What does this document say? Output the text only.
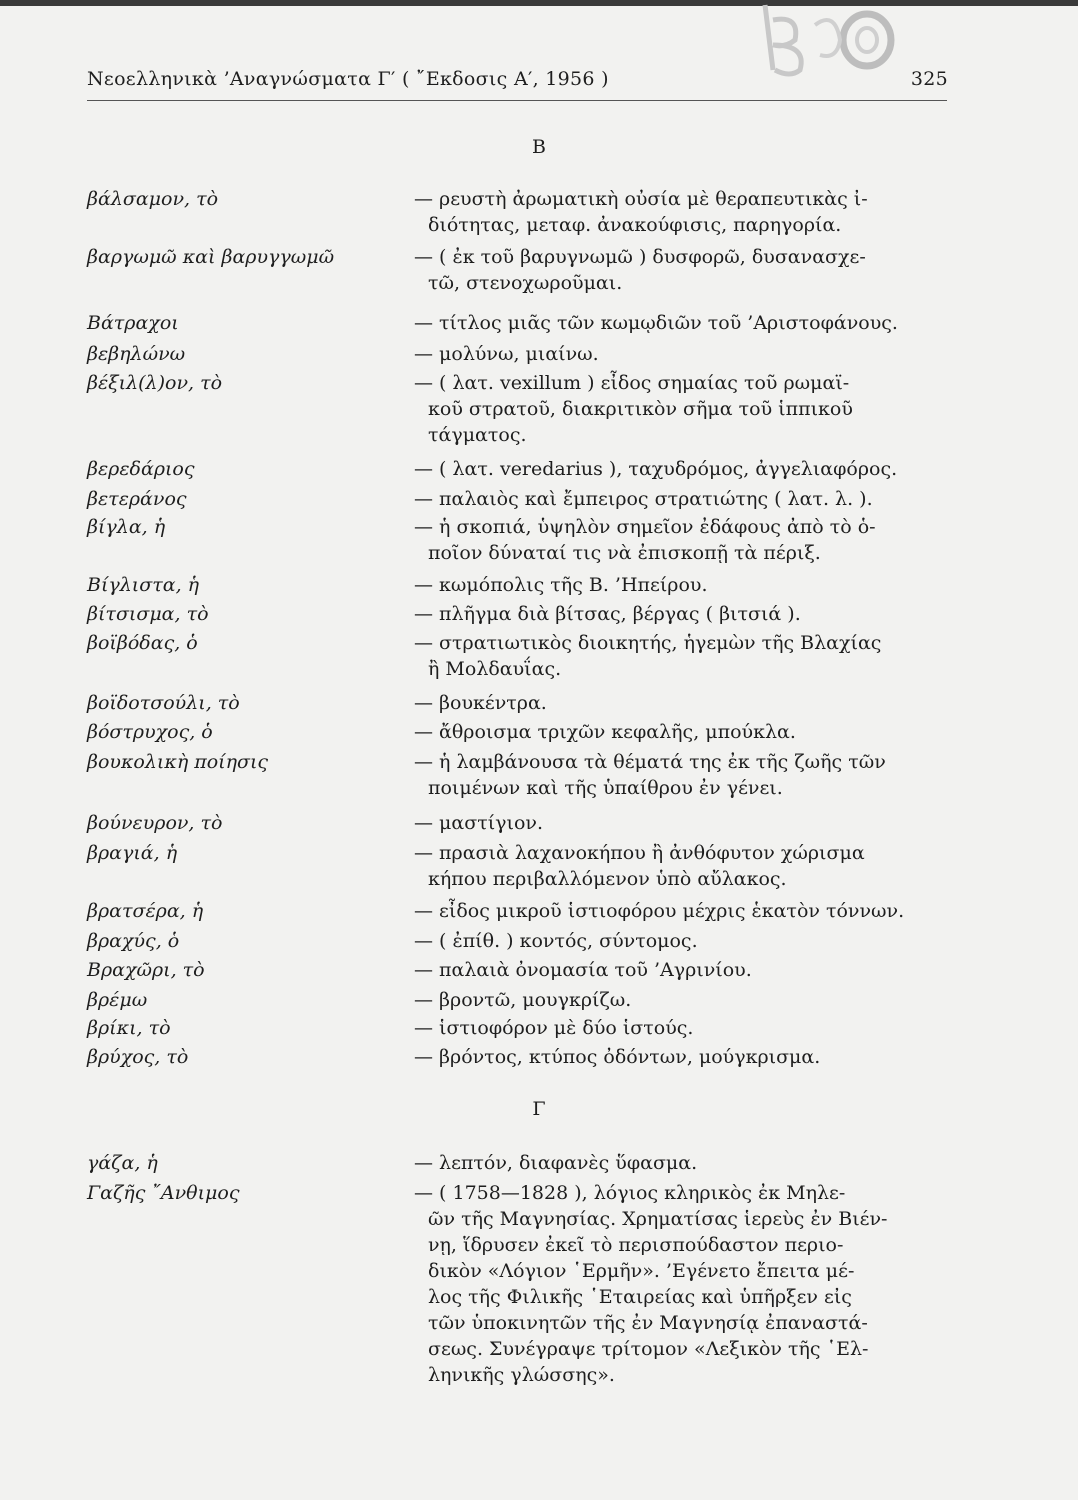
Νεοελληνικὰ ’Αναγνώσματα Γ′ ( ῎Εκδοσις Α′, 1956 )	325
Β
βάλσαμον, τὸ	— ρευστὴ ἀρωματικὴ οὐσία μὲ θεραπευτικὰς ἰ-
διότητας, μεταφ. ἀνακούφισις, παρηγορία.
βαργωμῶ καὶ βαρυγγωμῶ	— ( ἐκ τοῦ βαρυγνωμῶ ) δυσφορῶ, δυσανασχε-
τῶ, στενοχωροῦμαι.
Βάτραχοι	— τίτλος μιᾶς τῶν κωμῳδιῶν τοῦ ’Αριστοφάνους.
βεβηλώνω	— μολύνω, μιαίνω.
βέξιλ(λ)ον, τὸ	— ( λατ. vexillum ) εἶδος σημαίας τοῦ ρωμαϊ-
κοῦ στρατοῦ, διακριτικὸν σῆμα τοῦ ἱππικοῦ
τάγματος.
βερεδάριος	— ( λατ. veredarius ), ταχυδρόμος, ἀγγελιαφόρος.
βετεράνος	— παλαιὸς καὶ ἔμπειρος στρατιώτης ( λατ. λ. ).
βίγλα, ἡ	— ἡ σκοπιά, ὑψηλὸν σημεῖον ἐδάφους ἀπὸ τὸ ὁ-
ποῖον δύναταί τις νὰ ἐπισκοπῇ τὰ πέριξ.
Βίγλιστα, ἡ	— κωμόπολις τῆς Β. ’Ηπείρου.
βίτσισμα, τὸ	— πλῆγμα διὰ βίτσας, βέργας ( βιτσιά ).
βοϊβόδας, ὁ	— στρατιωτικὸς διοικητής, ἡγεμὼν τῆς Βλαχίας
ἢ Μολδαυΐας.
βοϊδοτσούλι, τὸ	— βουκέντρα.
βόστρυχος, ὁ	— ἄθροισμα τριχῶν κεφαλῆς, μπούκλα.
βουκολικὴ ποίησις	— ἡ λαμβάνουσα τὰ θέματά της ἐκ τῆς ζωῆς τῶν
ποιμένων καὶ τῆς ὑπαίθρου ἐν γένει.
βούνευρον, τὸ	— μαστίγιον.
βραγιά, ἡ	— πρασιὰ λαχανοκήπου ἢ ἀνθόφυτον χώρισμα
κήπου περιβαλλόμενον ὑπὸ αὔλακος.
βρατσέρα, ἡ	— εἶδος μικροῦ ἱστιοφόρου μέχρις ἑκατὸν τόννων.
βραχύς, ὁ	— ( ἐπίθ. ) κοντός, σύντομος.
Βραχῶρι, τὸ	— παλαιὰ ὀνομασία τοῦ ’Αγρινίου.
βρέμω	— βροντῶ, μουγκρίζω.
βρίκι, τὸ	— ἱστιοφόρον μὲ δύο ἱστούς.
βρύχος, τὸ	— βρόντος, κτύπος ὀδόντων, μούγκρισμα.
Γ
γάζα, ἡ	— λεπτόν, διαφανὲς ὕφασμα.
Γαζῆς ῎Ανθιμος	— ( 1758—1828 ), λόγιος κληρικὸς ἐκ Μηλε-
ῶν τῆς Μαγνησίας. Χρηματίσας ἱερεὺς ἐν Βιέν-
νῃ, ἵδρυσεν ἐκεῖ τὸ περισπούδαστον περιο-
δικὸν «Λόγιον ῾Ερμῆν». ’Εγένετο ἔπειτα μέ-
λος τῆς Φιλικῆς ῾Εταιρείας καὶ ὑπῆρξεν εἰς
τῶν ὑποκινητῶν τῆς ἐν Μαγνησίᾳ ἐπαναστά-
σεως. Συνέγραψε τρίτομον «Λεξικὸν τῆς ῾Ελ-
ληνικῆς γλώσσης».
